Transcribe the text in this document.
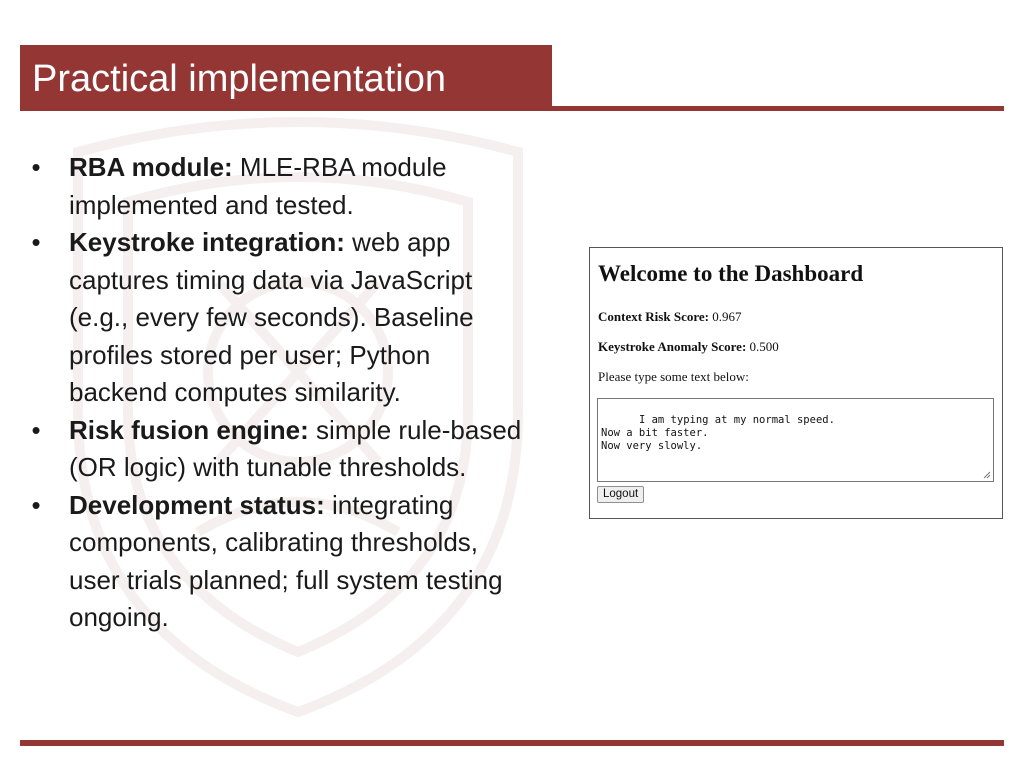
Practical implementation
• RBA module: MLE-RBA module implemented and tested.
• Keystroke integration: web app captures timing data via JavaScript (e.g., every few seconds). Baseline profiles stored per user; Python backend computes similarity.
• Risk fusion engine: simple rule-based (OR logic) with tunable thresholds.
• Development status: integrating components, calibrating thresholds, user trials planned; full system testing ongoing.
Welcome to the Dashboard
Context Risk Score: 0.967
Keystroke Anomaly Score: 0.500
Please type some text below:

I am typing at my normal speed.
Now a bit faster.
Now very slowly.

Logout
